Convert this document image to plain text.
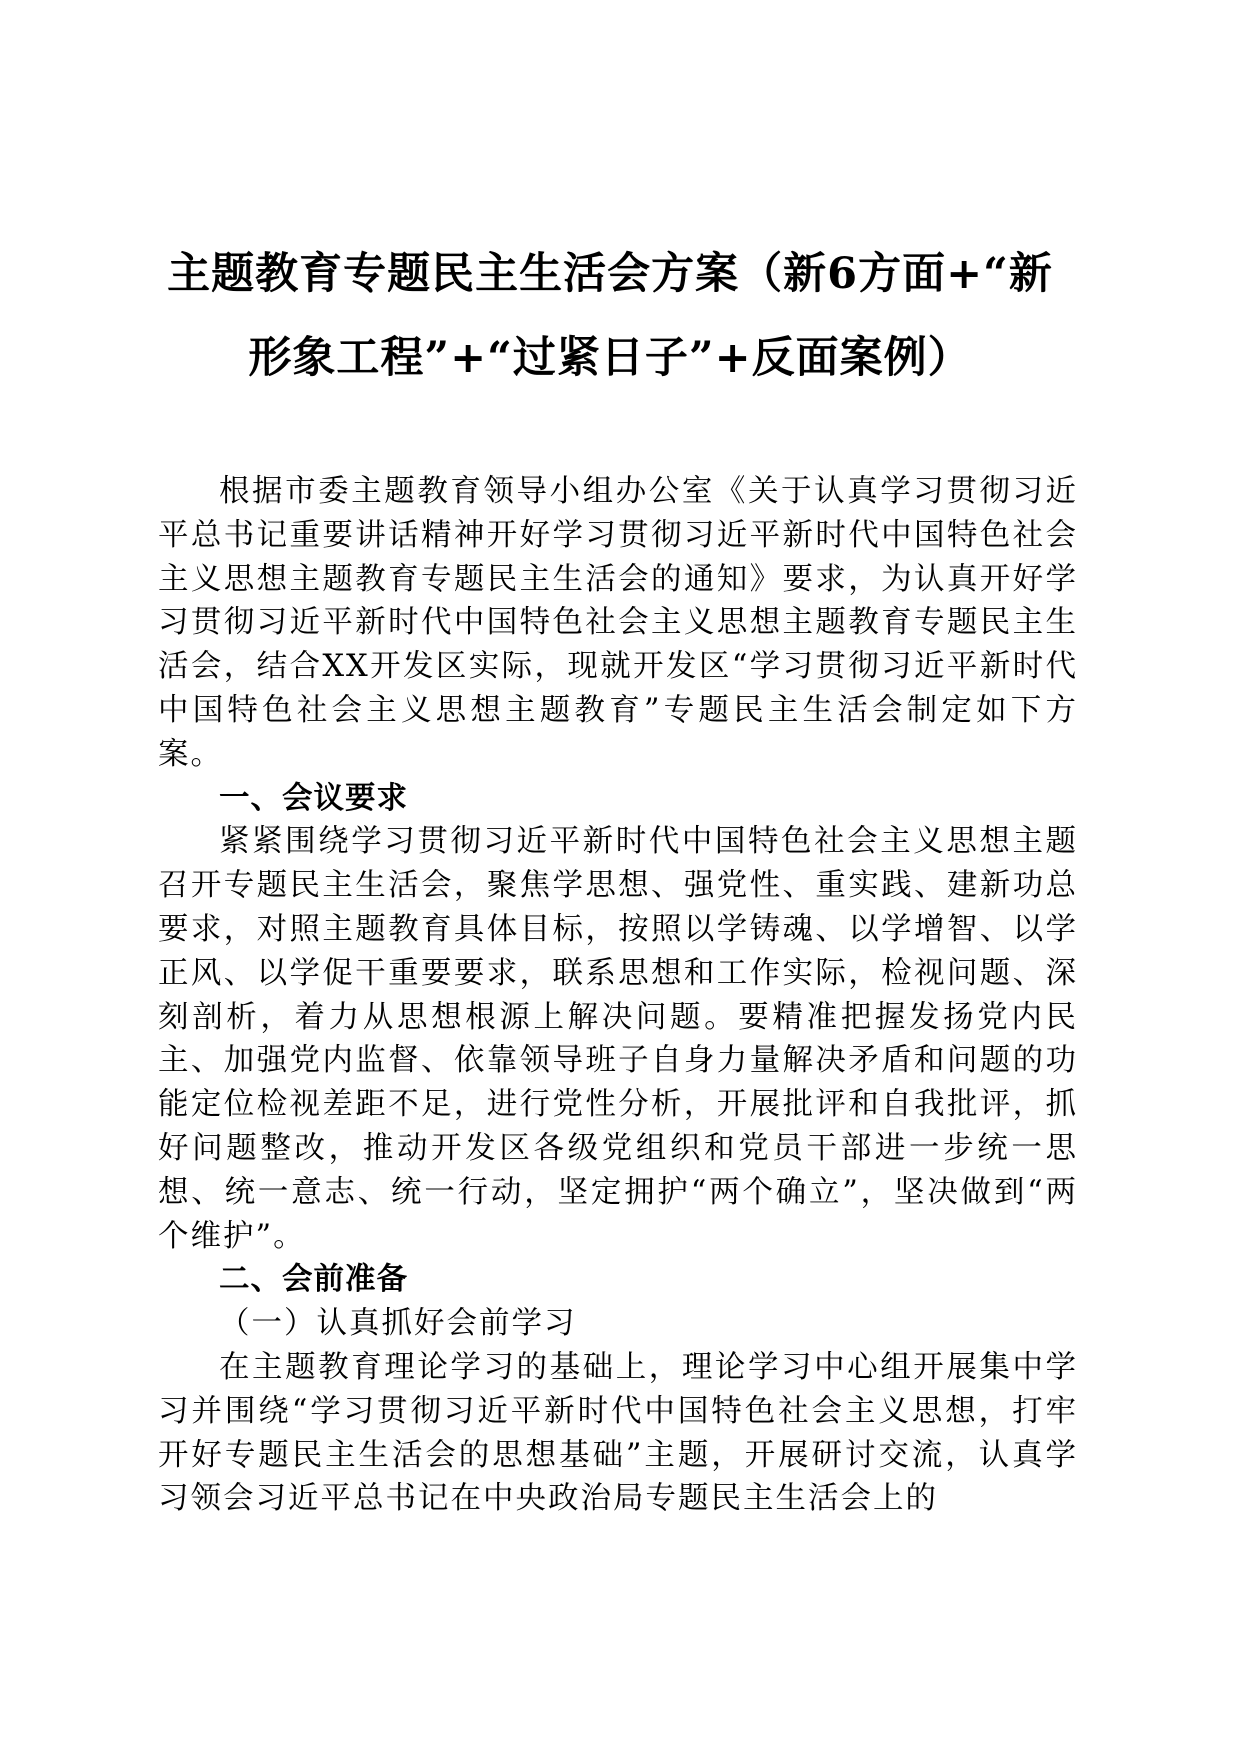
主题教育专题民主生活会方案（新6方面+“新
形象工程”+“过紧日子”+反面案例）

根据市委主题教育领导小组办公室《关于认真学习贯彻习近平总书记重要讲话精神开好学习贯彻习近平新时代中国特色社会主义思想主题教育专题民主生活会的通知》要求，为认真开好学习贯彻习近平新时代中国特色社会主义思想主题教育专题民主生活会，结合XX开发区实际，现就开发区“学习贯彻习近平新时代中国特色社会主义思想主题教育”专题民主生活会制定如下方案。

一、会议要求

紧紧围绕学习贯彻习近平新时代中国特色社会主义思想主题召开专题民主生活会，聚焦学思想、强党性、重实践、建新功总要求，对照主题教育具体目标，按照以学铸魂、以学增智、以学正风、以学促干重要要求，联系思想和工作实际，检视问题、深刻剖析，着力从思想根源上解决问题。要精准把握发扬党内民主、加强党内监督、依靠领导班子自身力量解决矛盾和问题的功能定位检视差距不足，进行党性分析，开展批评和自我批评，抓好问题整改，推动开发区各级党组织和党员干部进一步统一思想、统一意志、统一行动，坚定拥护“两个确立”，坚决做到“两个维护”。

二、会前准备

（一）认真抓好会前学习

在主题教育理论学习的基础上，理论学习中心组开展集中学习并围绕“学习贯彻习近平新时代中国特色社会主义思想，打牢开好专题民主生活会的思想基础”主题，开展研讨交流，认真学习领会习近平总书记在中央政治局专题民主生活会上的
